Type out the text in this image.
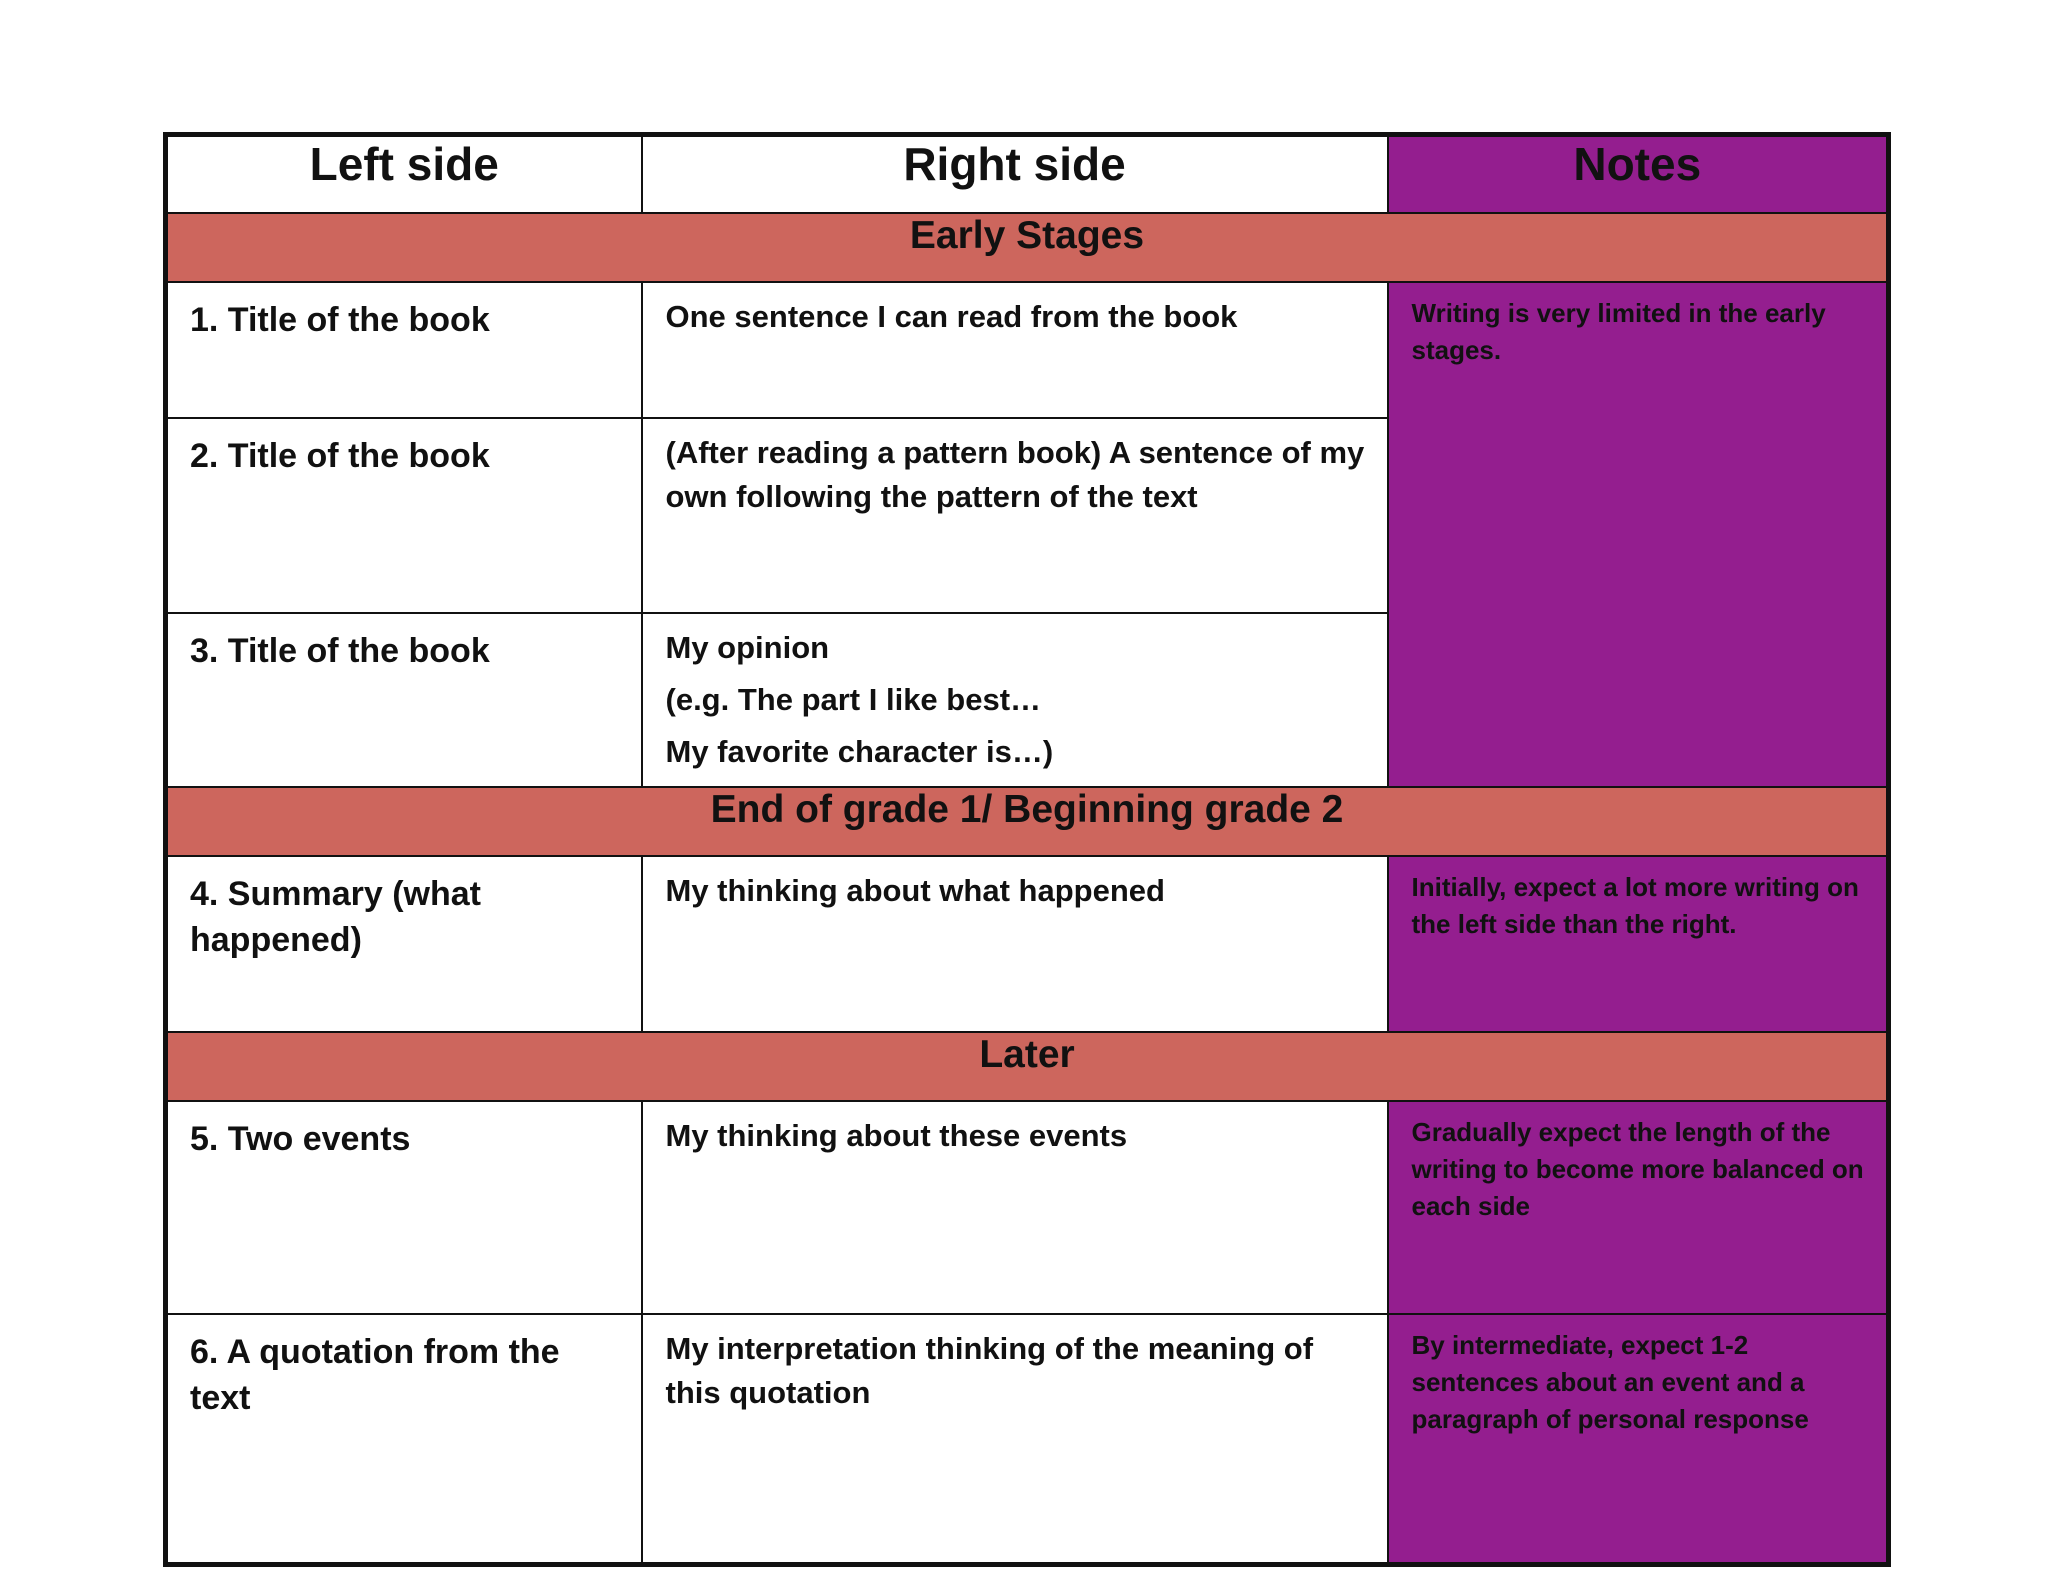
Left side	Right side	Notes
Early Stages		
1. Title of the book	One sentence I can read from the book	Writing is very limited in the early stages.
2. Title of the book	(After reading a pattern book) A sentence of my own following the pattern of the text	

3. Title of the book	My opinion
(e.g. The part I like best…
My favorite character is…)	

End of grade 1/ Beginning grade 2		
4. Summary (what happened)	My thinking about what happened	Initially, expect a lot more writing on the left side than the right.
Later		
5. Two events	My thinking about these events	Gradually expect the length of the writing to become more balanced on each side
6. A quotation from the text	My interpretation thinking of the meaning of this quotation	By intermediate, expect 1-2 sentences about an event and a paragraph of personal response
